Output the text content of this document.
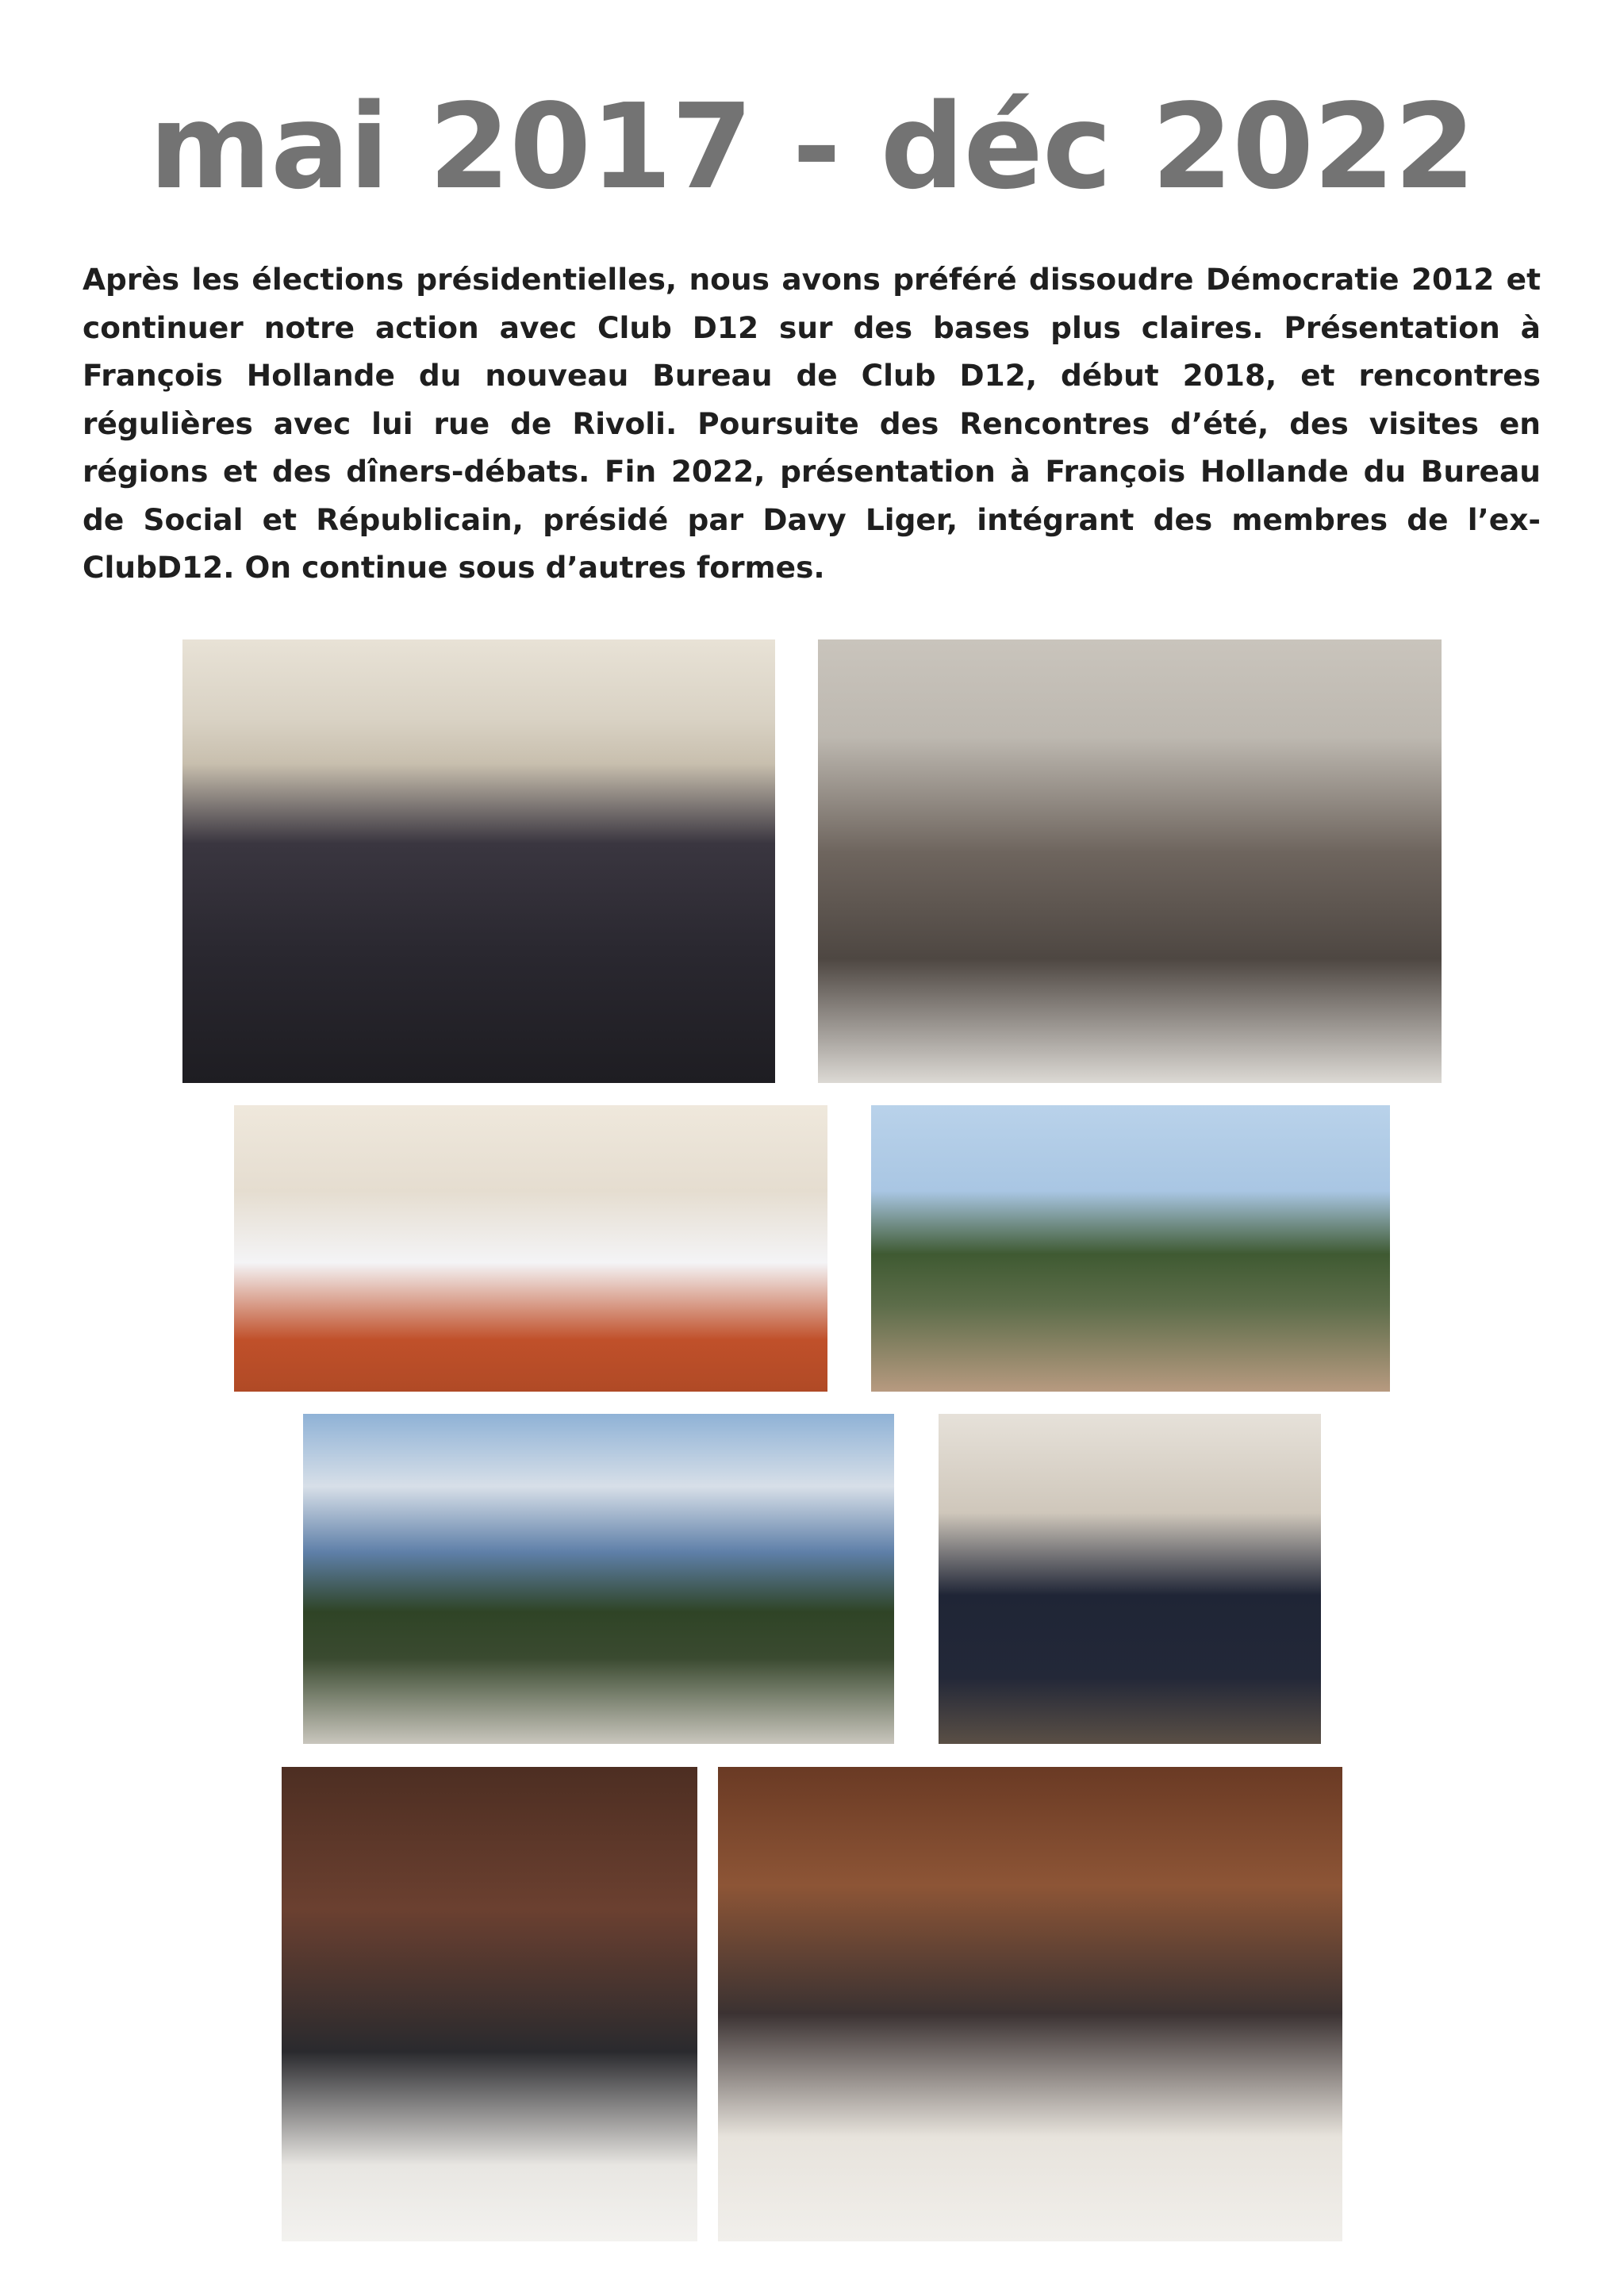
mai 2017 - déc 2022

Après les élections présidentielles, nous avons préféré dissoudre Démocratie 2012 et continuer notre action avec Club D12 sur des bases plus claires. Présentation à François Hollande du nouveau Bureau de Club D12, début 2018, et rencontres régulières avec lui rue de Rivoli. Poursuite des Rencontres d’été, des visites en régions et des dîners-débats. Fin 2022, présentation à François Hollande du Bureau de Social et Républicain, présidé par Davy Liger, intégrant des membres de l’ex-ClubD12. On continue sous d’autres formes.
